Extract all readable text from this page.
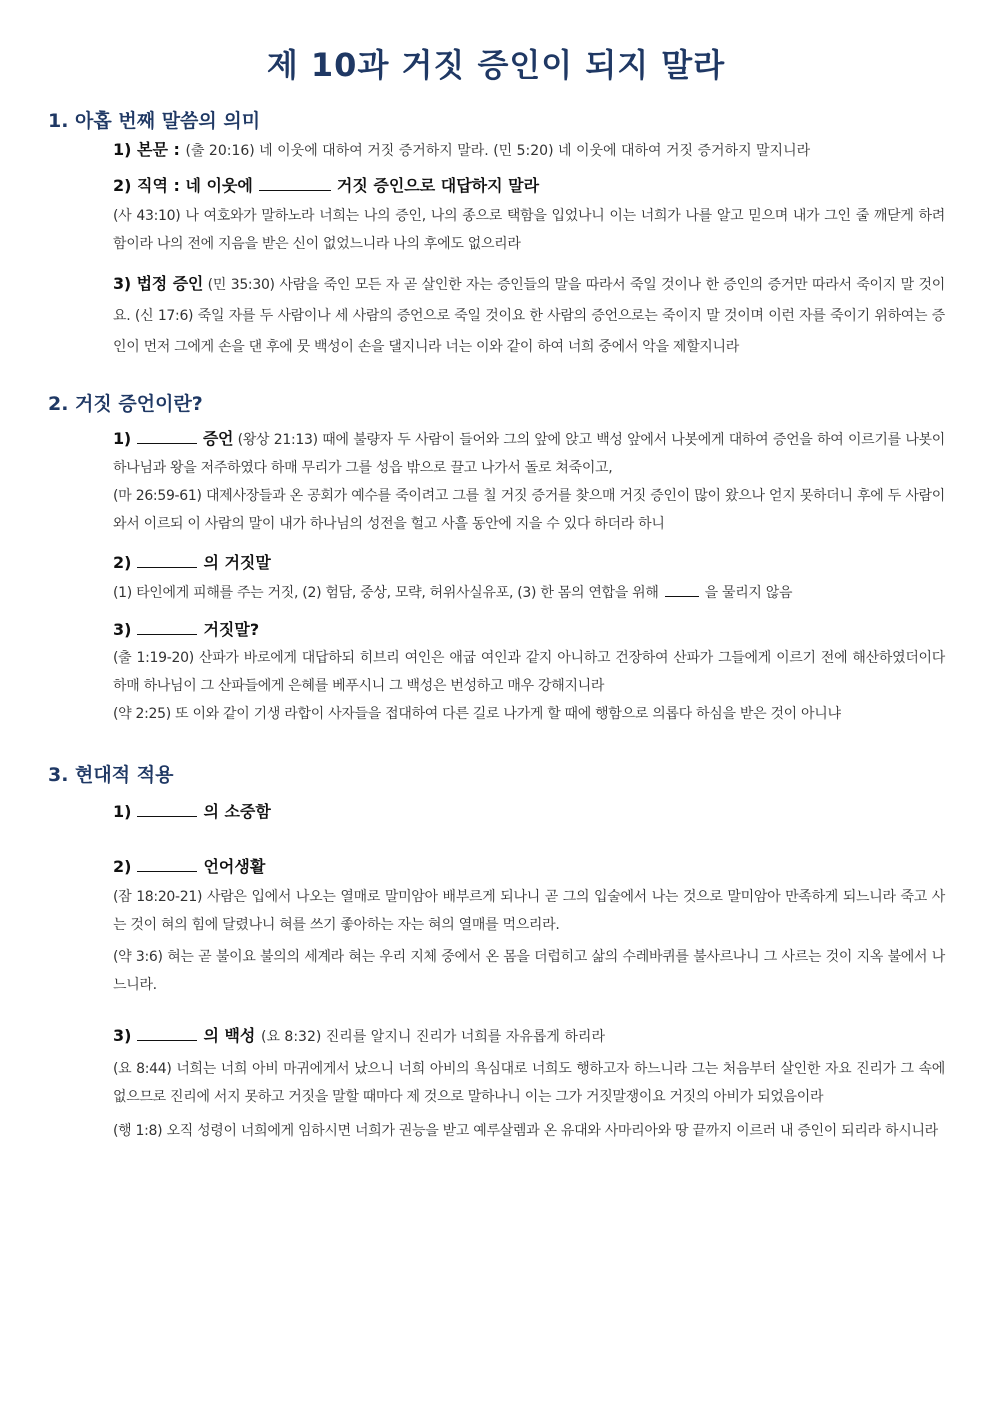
제 10과 거짓 증인이 되지 말라
1. 아홉 번째 말씀의 의미
1) 본문 : (출 20:16) 네 이웃에 대하여 거짓 증거하지 말라. (민 5:20) 네 이웃에 대하여 거짓 증거하지 말지니라
2) 직역 : 네 이웃에	거짓 증인으로 대답하지 말라
(사 43:10) 나 여호와가 말하노라 너희는 나의 증인, 나의 종으로 택함을 입었나니 이는 너희가 나를 알고 믿으며 내가 그인 줄 깨닫게 하려 함이라 나의 전에 지음을 받은 신이 없었느니라 나의 후에도 없으리라
3) 법정 증인 (민 35:30) 사람을 죽인 모든 자 곧 살인한 자는 증인들의 말을 따라서 죽일 것이나 한 증인의 증거만 따라서 죽이지 말 것이요. (신 17:6) 죽일 자를 두 사람이나 세 사람의 증언으로 죽일 것이요 한 사람의 증언으로는 죽이지 말 것이며 이런 자를 죽이기 위하여는 증인이 먼저 그에게 손을 댄 후에 뭇 백성이 손을 댈지니라 너는 이와 같이 하여 너희 중에서 악을 제할지니라
2. 거짓 증언이란?
1)	증언 (왕상 21:13) 때에 불량자 두 사람이 들어와 그의 앞에 앉고 백성 앞에서 나봇에게 대하여 증언을 하여 이르기를 나봇이 하나님과 왕을 저주하였다 하매 무리가 그를 성읍 밖으로 끌고 나가서 돌로 쳐죽이고,
(마 26:59-61) 대제사장들과 온 공회가 예수를 죽이려고 그를 칠 거짓 증거를 찾으매 거짓 증인이 많이 왔으나 얻지 못하더니 후에 두 사람이 와서 이르되 이 사람의 말이 내가 하나님의 성전을 헐고 사흘 동안에 지을 수 있다 하더라 하니
2)	의 거짓말
(1) 타인에게 피해를 주는 거짓, (2) 험담, 중상, 모략, 허위사실유포, (3) 한 몸의 연합을 위해	을 물리지 않음
3)	거짓말?
(출 1:19-20) 산파가 바로에게 대답하되 히브리 여인은 애굽 여인과 같지 아니하고 건장하여 산파가 그들에게 이르기 전에 해산하였더이다 하매 하나님이 그 산파들에게 은혜를 베푸시니 그 백성은 번성하고 매우 강해지니라
(약 2:25) 또 이와 같이 기생 라합이 사자들을 접대하여 다른 길로 나가게 할 때에 행함으로 의롭다 하심을 받은 것이 아니냐
3. 현대적 적용
1)	의 소중함
2)	언어생활
(잠 18:20-21) 사람은 입에서 나오는 열매로 말미암아 배부르게 되나니 곧 그의 입술에서 나는 것으로 말미암아 만족하게 되느니라 죽고 사는 것이 혀의 힘에 달렸나니 혀를 쓰기 좋아하는 자는 혀의 열매를 먹으리라.
(약 3:6) 혀는 곧 불이요 불의의 세계라 혀는 우리 지체 중에서 온 몸을 더럽히고 삶의 수레바퀴를 불사르나니 그 사르는 것이 지옥 불에서 나느니라.
3)	의 백성 (요 8:32) 진리를 알지니 진리가 너희를 자유롭게 하리라
(요 8:44) 너희는 너희 아비 마귀에게서 났으니 너희 아비의 욕심대로 너희도 행하고자 하느니라 그는 처음부터 살인한 자요 진리가 그 속에 없으므로 진리에 서지 못하고 거짓을 말할 때마다 제 것으로 말하나니 이는 그가 거짓말쟁이요 거짓의 아비가 되었음이라
(행 1:8) 오직 성령이 너희에게 임하시면 너희가 권능을 받고 예루살렘과 온 유대와 사마리아와 땅 끝까지 이르러 내 증인이 되리라 하시니라
